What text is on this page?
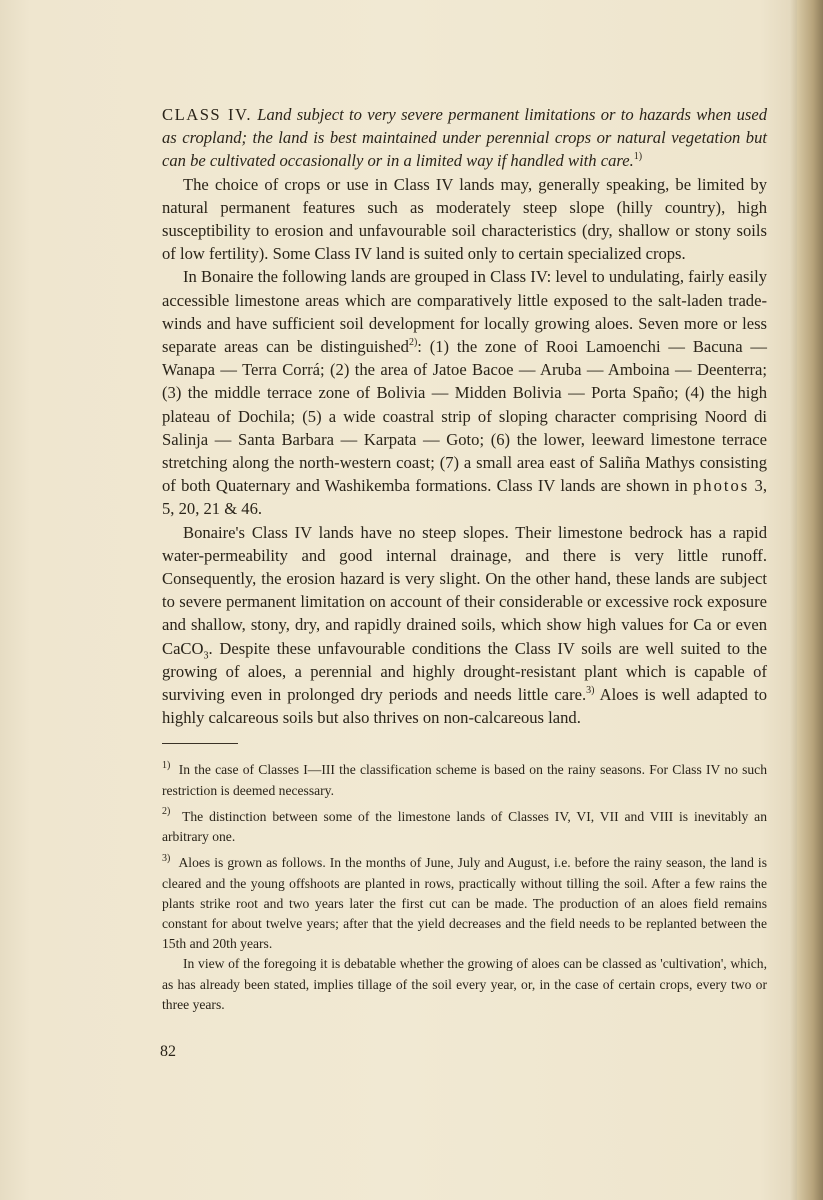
CLASS IV. Land subject to very severe permanent limitations or to hazards when used as cropland; the land is best maintained under perennial crops or natural vegetation but can be cultivated occasionally or in a limited way if handled with care.$^{1)}$

The choice of crops or use in Class IV lands may, generally speaking, be limited by natural permanent features such as moderately steep slope (hilly country), high susceptibility to erosion and unfavourable soil characteristics (dry, shallow or stony soils of low fertility). Some Class IV land is suited only to certain specialized crops.

In Bonaire the following lands are grouped in Class IV: level to undulating, fairly easily accessible limestone areas which are comparatively little exposed to the salt-laden trade-winds and have sufficient soil development for locally growing aloes. Seven more or less separate areas can be distinguished$^{2)}$: (1) the zone of Rooi Lamoenchi — Bacuna — Wanapa — Terra Corrá; (2) the area of Jatoe Bacoe — Aruba — Amboina — Deenterra; (3) the middle terrace zone of Bolivia — Midden Bolivia — Porta Spaño; (4) the high plateau of Dochila; (5) a wide coastral strip of sloping character comprising Noord di Salinja — Santa Barbara — Karpata — Goto; (6) the lower, leeward limestone terrace stretching along the north-western coast; (7) a small area east of Saliña Mathys consisting of both Quaternary and Washikemba formations. Class IV lands are shown in photos 3, 5, 20, 21 & 46.

Bonaire's Class IV lands have no steep slopes. Their limestone bedrock has a rapid water-permeability and good internal drainage, and there is very little runoff. Consequently, the erosion hazard is very slight. On the other hand, these lands are subject to severe permanent limitation on account of their considerable or excessive rock exposure and shallow, stony, dry, and rapidly drained soils, which show high values for Ca or even CaCO$_3$. Despite these unfavourable conditions the Class IV soils are well suited to the growing of aloes, a perennial and highly drought-resistant plant which is capable of surviving even in prolonged dry periods and needs little care.$^{3)}$ Aloes is well adapted to highly calcareous soils but also thrives on non-calcareous land.

$^{1)}$ In the case of Classes I—III the classification scheme is based on the rainy seasons. For Class IV no such restriction is deemed necessary.

$^{2)}$ The distinction between some of the limestone lands of Classes IV, VI, VII and VIII is inevitably an arbitrary one.

$^{3)}$ Aloes is grown as follows. In the months of June, July and August, i.e. before the rainy season, the land is cleared and the young offshoots are planted in rows, practically without tilling the soil. After a few rains the plants strike root and two years later the first cut can be made. The production of an aloes field remains constant for about twelve years; after that the yield decreases and the field needs to be replanted between the 15th and 20th years.

In view of the foregoing it is debatable whether the growing of aloes can be classed as 'cultivation', which, as has already been stated, implies tillage of the soil every year, or, in the case of certain crops, every two or three years.

82
